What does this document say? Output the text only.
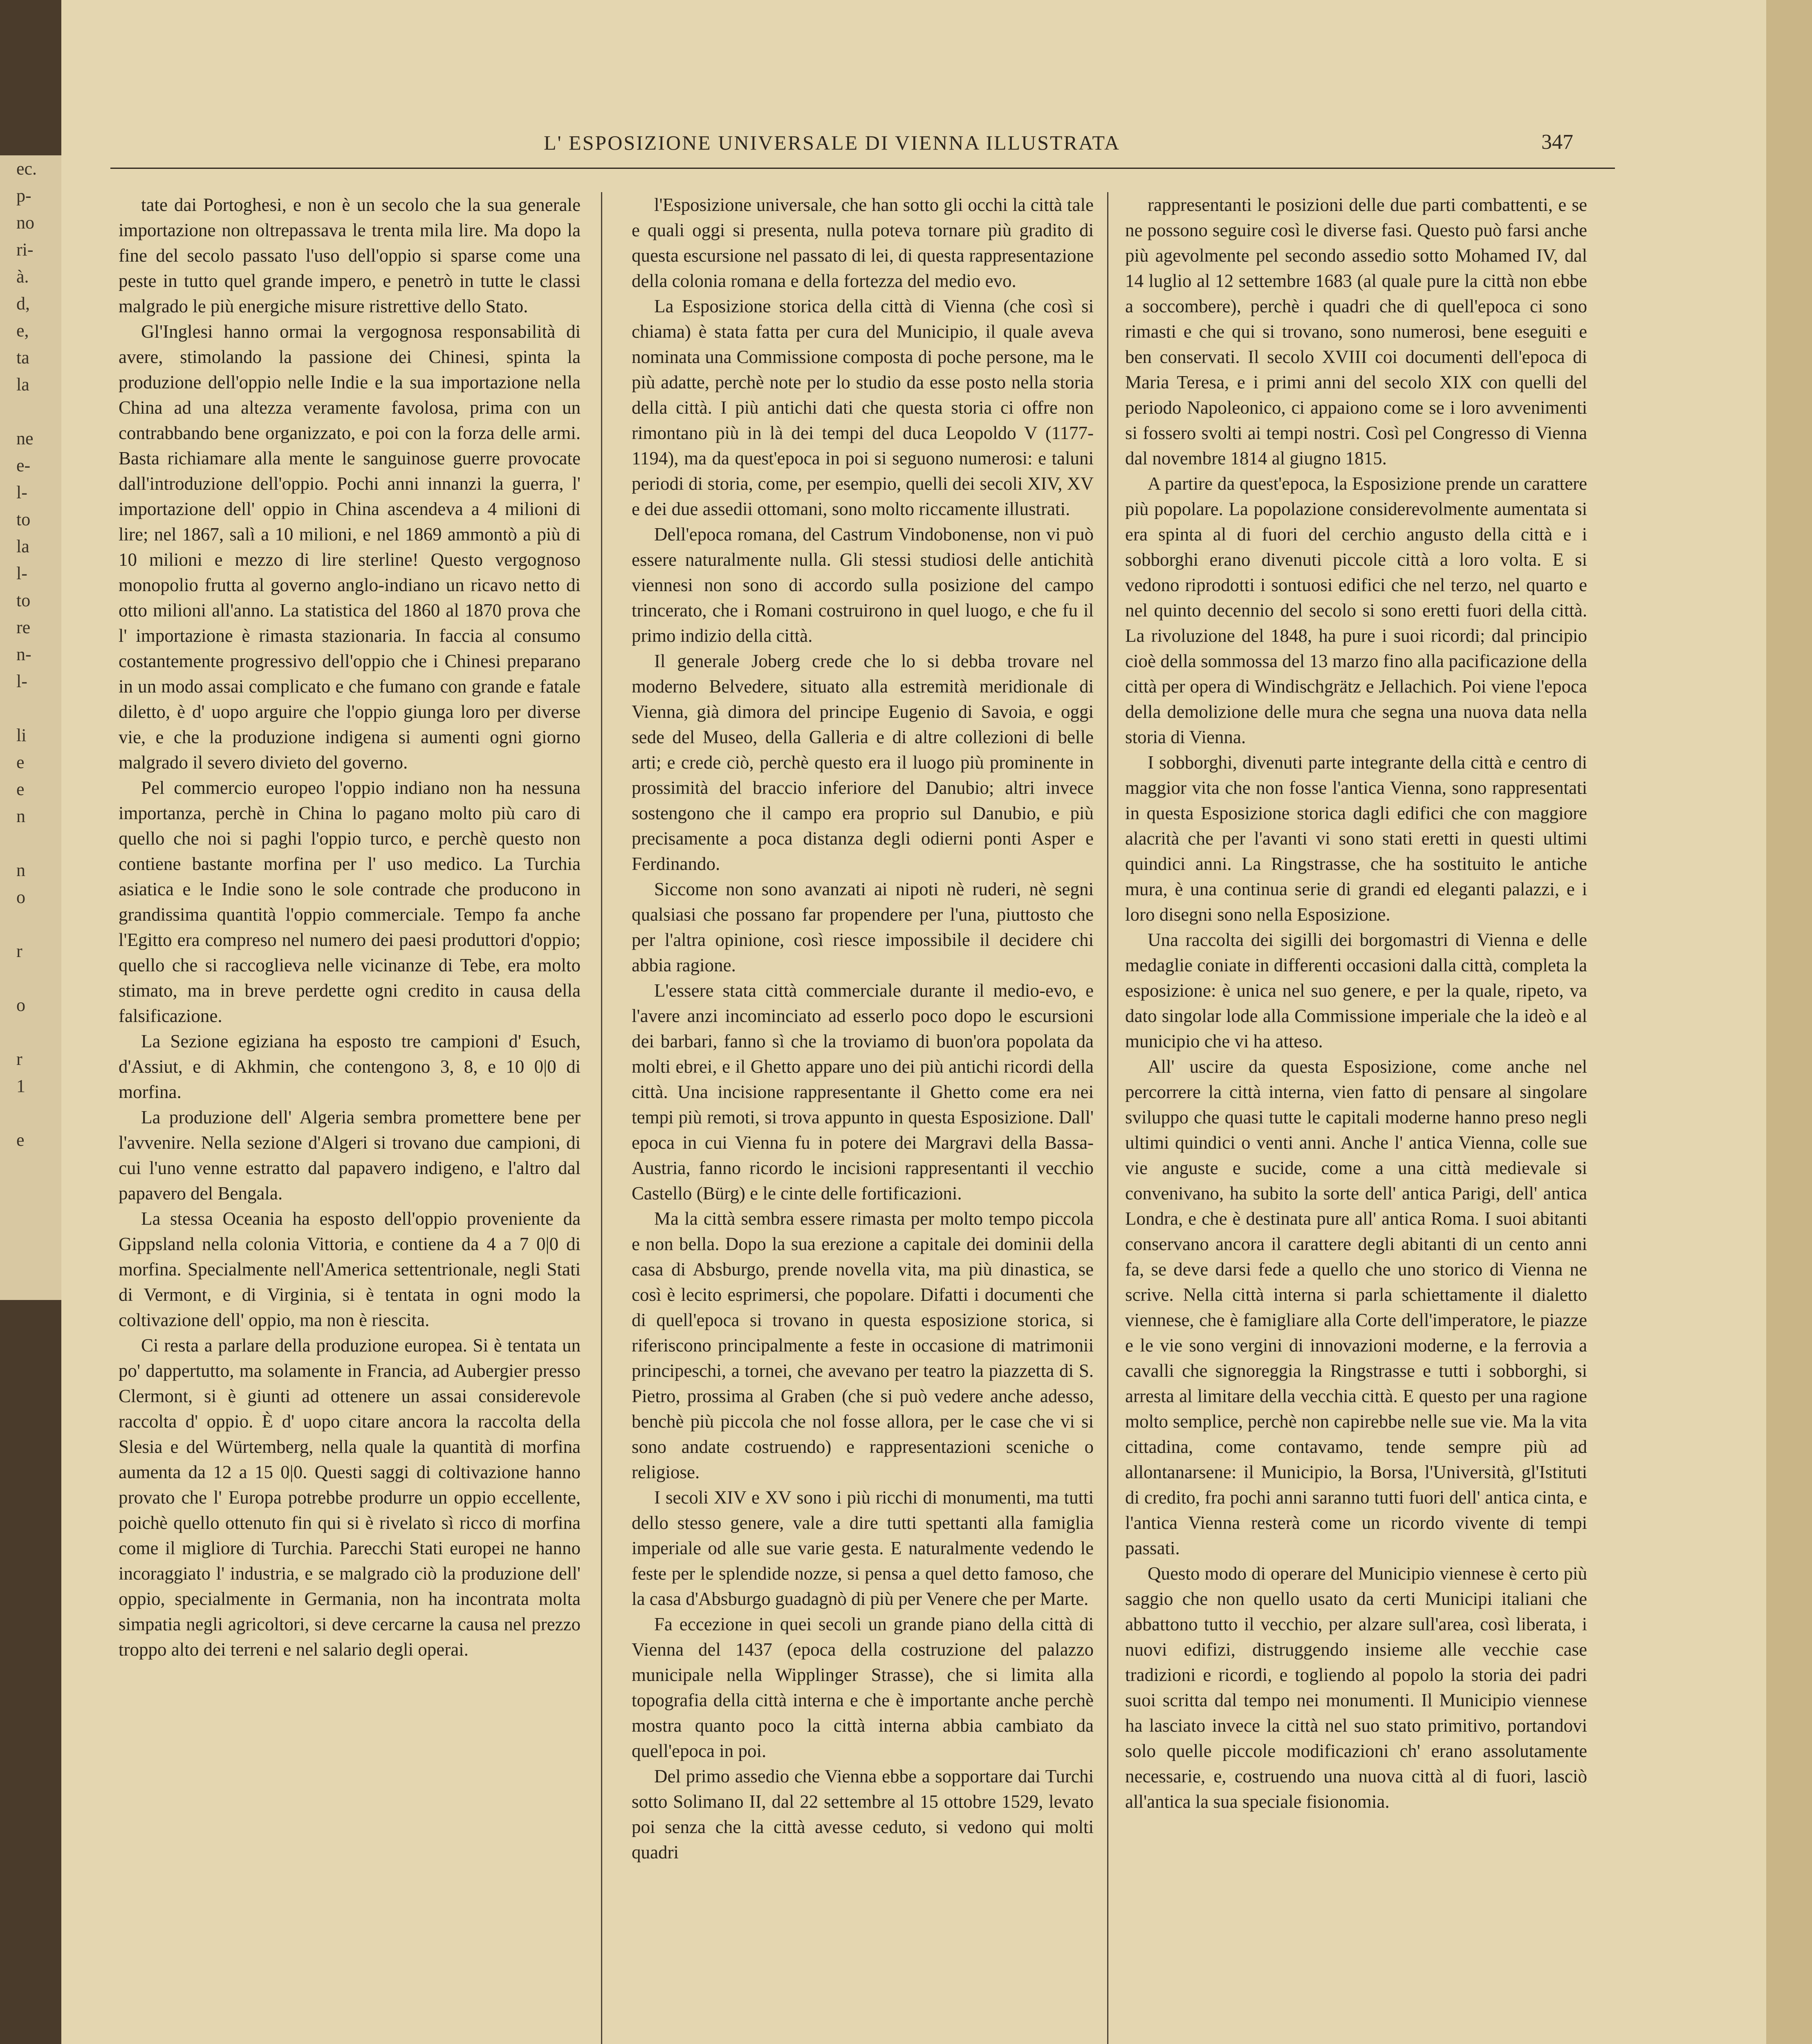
ec.
p-
no
ri-
à.
d,
e,
ta
la

ne
e-
l-
to
la
l-
to
re
n-
l-

li
e
e
n

n
o

r

o

r
1

e
L' ESPOSIZIONE UNIVERSALE DI VIENNA ILLUSTRATA	347

tate dai Portoghesi, e non è un secolo che la sua generale importazione non oltrepassava le trenta mila lire. Ma dopo la fine del secolo passato l'uso dell'oppio si sparse come una peste in tutto quel grande impero, e penetrò in tutte le classi malgrado le più energiche misure ristrettive dello Stato.

Gl'Inglesi hanno ormai la vergognosa responsabilità di avere, stimolando la passione dei Chinesi, spinta la produzione dell'oppio nelle Indie e la sua importazione nella China ad una altezza veramente favolosa, prima con un contrabbando bene organizzato, e poi con la forza delle armi. Basta richiamare alla mente le sanguinose guerre provocate dall'introduzione dell'oppio. Pochi anni innanzi la guerra, l' importazione dell' oppio in China ascendeva a 4 milioni di lire; nel 1867, salì a 10 milioni, e nel 1869 ammontò a più di 10 milioni e mezzo di lire sterline! Questo vergognoso monopolio frutta al governo anglo-indiano un ricavo netto di otto milioni all'anno. La statistica del 1860 al 1870 prova che l' importazione è rimasta stazionaria. In faccia al consumo costantemente progressivo dell'oppio che i Chinesi preparano in un modo assai complicato e che fumano con grande e fatale diletto, è d' uopo arguire che l'oppio giunga loro per diverse vie, e che la produzione indigena si aumenti ogni giorno malgrado il severo divieto del governo.

Pel commercio europeo l'oppio indiano non ha nessuna importanza, perchè in China lo pagano molto più caro di quello che noi si paghi l'oppio turco, e perchè questo non contiene bastante morfina per l' uso medico. La Turchia asiatica e le Indie sono le sole contrade che producono in grandissima quantità l'oppio commerciale. Tempo fa anche l'Egitto era compreso nel numero dei paesi produttori d'oppio; quello che si raccoglieva nelle vicinanze di Tebe, era molto stimato, ma in breve perdette ogni credito in causa della falsificazione.

La Sezione egiziana ha esposto tre campioni d' Esuch, d'Assiut, e di Akhmin, che contengono 3, 8, e 10 0|0 di morfina.

La produzione dell' Algeria sembra promettere bene per l'avvenire. Nella sezione d'Algeri si trovano due campioni, di cui l'uno venne estratto dal papavero indigeno, e l'altro dal papavero del Bengala.

La stessa Oceania ha esposto dell'oppio proveniente da Gippsland nella colonia Vittoria, e contiene da 4 a 7 0|0 di morfina. Specialmente nell'America settentrionale, negli Stati di Vermont, e di Virginia, si è tentata in ogni modo la coltivazione dell' oppio, ma non è riescita.

Ci resta a parlare della produzione europea. Si è tentata un po' dappertutto, ma solamente in Francia, ad Aubergier presso Clermont, si è giunti ad ottenere un assai considerevole raccolta d' oppio. È d' uopo citare ancora la raccolta della Slesia e del Würtemberg, nella quale la quantità di morfina aumenta da 12 a 15 0|0. Questi saggi di coltivazione hanno provato che l' Europa potrebbe produrre un oppio eccellente, poichè quello ottenuto fin qui si è rivelato sì ricco di morfina come il migliore di Turchia. Parecchi Stati europei ne hanno incoraggiato l' industria, e se malgrado ciò la produzione dell' oppio, specialmente in Germania, non ha incontrata molta simpatia negli agricoltori, si deve cercarne la causa nel prezzo troppo alto dei terreni e nel salario degli operai.

l'Esposizione universale, che han sotto gli occhi la città tale e quali oggi si presenta, nulla poteva tornare più gradito di questa escursione nel passato di lei, di questa rappresentazione della colonia romana e della fortezza del medio evo.

La Esposizione storica della città di Vienna (che così si chiama) è stata fatta per cura del Municipio, il quale aveva nominata una Commissione composta di poche persone, ma le più adatte, perchè note per lo studio da esse posto nella storia della città. I più antichi dati che questa storia ci offre non rimontano più in là dei tempi del duca Leopoldo V (1177-1194), ma da quest'epoca in poi si seguono numerosi: e taluni periodi di storia, come, per esempio, quelli dei secoli XIV, XV e dei due assedii ottomani, sono molto riccamente illustrati.

Dell'epoca romana, del Castrum Vindobonense, non vi può essere naturalmente nulla. Gli stessi studiosi delle antichità viennesi non sono di accordo sulla posizione del campo trincerato, che i Romani costruirono in quel luogo, e che fu il primo indizio della città.

Il generale Joberg crede che lo si debba trovare nel moderno Belvedere, situato alla estremità meridionale di Vienna, già dimora del principe Eugenio di Savoia, e oggi sede del Museo, della Galleria e di altre collezioni di belle arti; e crede ciò, perchè questo era il luogo più prominente in prossimità del braccio inferiore del Danubio; altri invece sostengono che il campo era proprio sul Danubio, e più precisamente a poca distanza degli odierni ponti Asper e Ferdinando.

Siccome non sono avanzati ai nipoti nè ruderi, nè segni qualsiasi che possano far propendere per l'una, piuttosto che per l'altra opinione, così riesce impossibile il decidere chi abbia ragione.

L'essere stata città commerciale durante il medio-evo, e l'avere anzi incominciato ad esserlo poco dopo le escursioni dei barbari, fanno sì che la troviamo di buon'ora popolata da molti ebrei, e il Ghetto appare uno dei più antichi ricordi della città. Una incisione rappresentante il Ghetto come era nei tempi più remoti, si trova appunto in questa Esposizione. Dall' epoca in cui Vienna fu in potere dei Margravi della Bassa-Austria, fanno ricordo le incisioni rappresentanti il vecchio Castello (Bürg) e le cinte delle fortificazioni.

Ma la città sembra essere rimasta per molto tempo piccola e non bella. Dopo la sua erezione a capitale dei dominii della casa di Absburgo, prende novella vita, ma più dinastica, se così è lecito esprimersi, che popolare. Difatti i documenti che di quell'epoca si trovano in questa esposizione storica, si riferiscono principalmente a feste in occasione di matrimonii principeschi, a tornei, che avevano per teatro la piazzetta di S. Pietro, prossima al Graben (che si può vedere anche adesso, benchè più piccola che nol fosse allora, per le case che vi si sono andate costruendo) e rappresentazioni sceniche o religiose.

I secoli XIV e XV sono i più ricchi di monumenti, ma tutti dello stesso genere, vale a dire tutti spettanti alla famiglia imperiale od alle sue varie gesta. E naturalmente vedendo le feste per le splendide nozze, si pensa a quel detto famoso, che la casa d'Absburgo guadagnò di più per Venere che per Marte.

Fa eccezione in quei secoli un grande piano della città di Vienna del 1437 (epoca della costruzione del palazzo municipale nella Wipplinger Strasse), che si limita alla topografia della città interna e che è importante anche perchè mostra quanto poco la città interna abbia cambiato da quell'epoca in poi.

Del primo assedio che Vienna ebbe a sopportare dai Turchi sotto Solimano II, dal 22 settembre al 15 ottobre 1529, levato poi senza che la città avesse ceduto, si vedono qui molti quadri

rappresentanti le posizioni delle due parti combattenti, e se ne possono seguire così le diverse fasi. Questo può farsi anche più agevolmente pel secondo assedio sotto Mohamed IV, dal 14 luglio al 12 settembre 1683 (al quale pure la città non ebbe a soccombere), perchè i quadri che di quell'epoca ci sono rimasti e che qui si trovano, sono numerosi, bene eseguiti e ben conservati. Il secolo XVIII coi documenti dell'epoca di Maria Teresa, e i primi anni del secolo XIX con quelli del periodo Napoleonico, ci appaiono come se i loro avvenimenti si fossero svolti ai tempi nostri. Così pel Congresso di Vienna dal novembre 1814 al giugno 1815.

A partire da quest'epoca, la Esposizione prende un carattere più popolare. La popolazione considerevolmente aumentata si era spinta al di fuori del cerchio angusto della città e i sobborghi erano divenuti piccole città a loro volta. E si vedono riprodotti i sontuosi edifici che nel terzo, nel quarto e nel quinto decennio del secolo si sono eretti fuori della città. La rivoluzione del 1848, ha pure i suoi ricordi; dal principio cioè della sommossa del 13 marzo fino alla pacificazione della città per opera di Windischgrätz e Jellachich. Poi viene l'epoca della demolizione delle mura che segna una nuova data nella storia di Vienna.

I sobborghi, divenuti parte integrante della città e centro di maggior vita che non fosse l'antica Vienna, sono rappresentati in questa Esposizione storica dagli edifici che con maggiore alacrità che per l'avanti vi sono stati eretti in questi ultimi quindici anni. La Ringstrasse, che ha sostituito le antiche mura, è una continua serie di grandi ed eleganti palazzi, e i loro disegni sono nella Esposizione.

Una raccolta dei sigilli dei borgomastri di Vienna e delle medaglie coniate in differenti occasioni dalla città, completa la esposizione: è unica nel suo genere, e per la quale, ripeto, va dato singolar lode alla Commissione imperiale che la ideò e al municipio che vi ha atteso.

All' uscire da questa Esposizione, come anche nel percorrere la città interna, vien fatto di pensare al singolare sviluppo che quasi tutte le capitali moderne hanno preso negli ultimi quindici o venti anni. Anche l' antica Vienna, colle sue vie anguste e sucide, come a una città medievale si convenivano, ha subito la sorte dell' antica Parigi, dell' antica Londra, e che è destinata pure all' antica Roma. I suoi abitanti conservano ancora il carattere degli abitanti di un cento anni fa, se deve darsi fede a quello che uno storico di Vienna ne scrive. Nella città interna si parla schiettamente il dialetto viennese, che è famigliare alla Corte dell'imperatore, le piazze e le vie sono vergini di innovazioni moderne, e la ferrovia a cavalli che signoreggia la Ringstrasse e tutti i sobborghi, si arresta al limitare della vecchia città. E questo per una ragione molto semplice, perchè non capirebbe nelle sue vie. Ma la vita cittadina, come contavamo, tende sempre più ad allontanarsene: il Municipio, la Borsa, l'Università, gl'Istituti di credito, fra pochi anni saranno tutti fuori dell' antica cinta, e l'antica Vienna resterà come un ricordo vivente di tempi passati.

Questo modo di operare del Municipio viennese è certo più saggio che non quello usato da certi Municipi italiani che abbattono tutto il vecchio, per alzare sull'area, così liberata, i nuovi edifizi, distruggendo insieme alle vecchie case tradizioni e ricordi, e togliendo al popolo la storia dei padri suoi scritta dal tempo nei monumenti. Il Municipio viennese ha lasciato invece la città nel suo stato primitivo, portandovi solo quelle piccole modificazioni ch' erano assolutamente necessarie, e, costruendo una nuova città al di fuori, lasciò all'antica la sua speciale fisionomia.
